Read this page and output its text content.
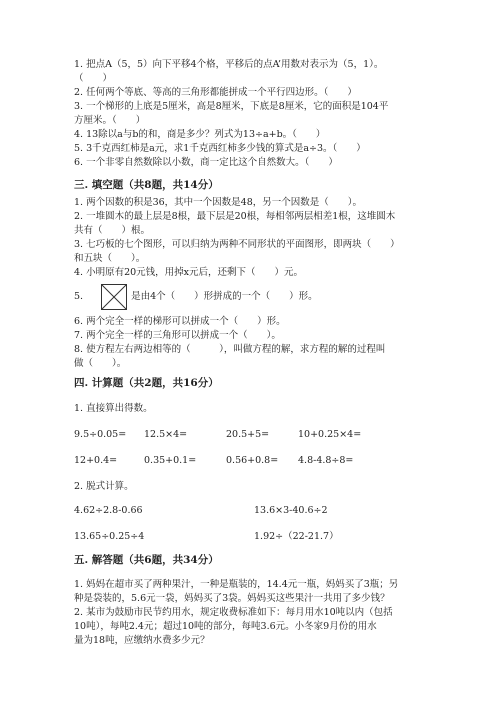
1. 把点A（5，5）向下平移4个格，平移后的点A’用数对表示为（5，1）。

（　　）

2. 任何两个等底、等高的三角形都能拼成一个平行四边形。（　　）

3. 一个梯形的上底是5厘米，高是8厘米，下底是8厘米，它的面积是104平

方厘米。（　　）

4. 13除以a与b的和，商是多少？列式为13÷a+b。（　　）

5. 3千克西红柿是a元，求1千克西红柿多少钱的算式是a÷3。（　　）

6. 一个非零自然数除以小数，商一定比这个自然数大。（　　）

三. 填空题（共8题，共14分）

1. 两个因数的积是36，其中一个因数是48，另一个因数是（　　）。

2. 一堆圆木的最上层是8根，最下层是20根，每相邻两层相差1根，这堆圆木

共有（　　）根。

3. 七巧板的七个图形，可以归纳为两种不同形状的平面图形，即两块（　　）

和五块（　　）。

4. 小明原有20元钱，用掉x元后，还剩下（　　）元。

5.	是由4个（　　）形拼成的一个（　　）形。

6. 两个完全一样的梯形可以拼成一个（　　）形。

7. 两个完全一样的三角形可以拼成一个（　　）。

8. 使方程左右两边相等的（　　　），叫做方程的解，求方程的解的过程叫

做（　　）。

四. 计算题（共2题，共16分）

1. 直接算出得数。

9.5÷0.05=	12.5×4=	20.5+5=	10+0.25×4=
12+0.4=	0.35+0.1=	0.56+0.8=	4.8-4.8÷8=

2. 脱式计算。

4.62÷2.8-0.66	13.6×3-40.6÷2
13.65÷0.25÷4	1.92÷（22-21.7）
五. 解答题（共6题，共34分）

1. 妈妈在超市买了两种果汁，一种是瓶装的，14.4元一瓶，妈妈买了3瓶；另

种是袋装的，5.6元一袋，妈妈买了3袋。妈妈买这些果汁一共用了多少钱？

2. 某市为鼓励市民节约用水，规定收费标准如下：每月用水10吨以内（包括

10吨），每吨2.4元；超过10吨的部分，每吨3.6元。小冬家9月份的用水

量为18吨，应缴纳水费多少元？
